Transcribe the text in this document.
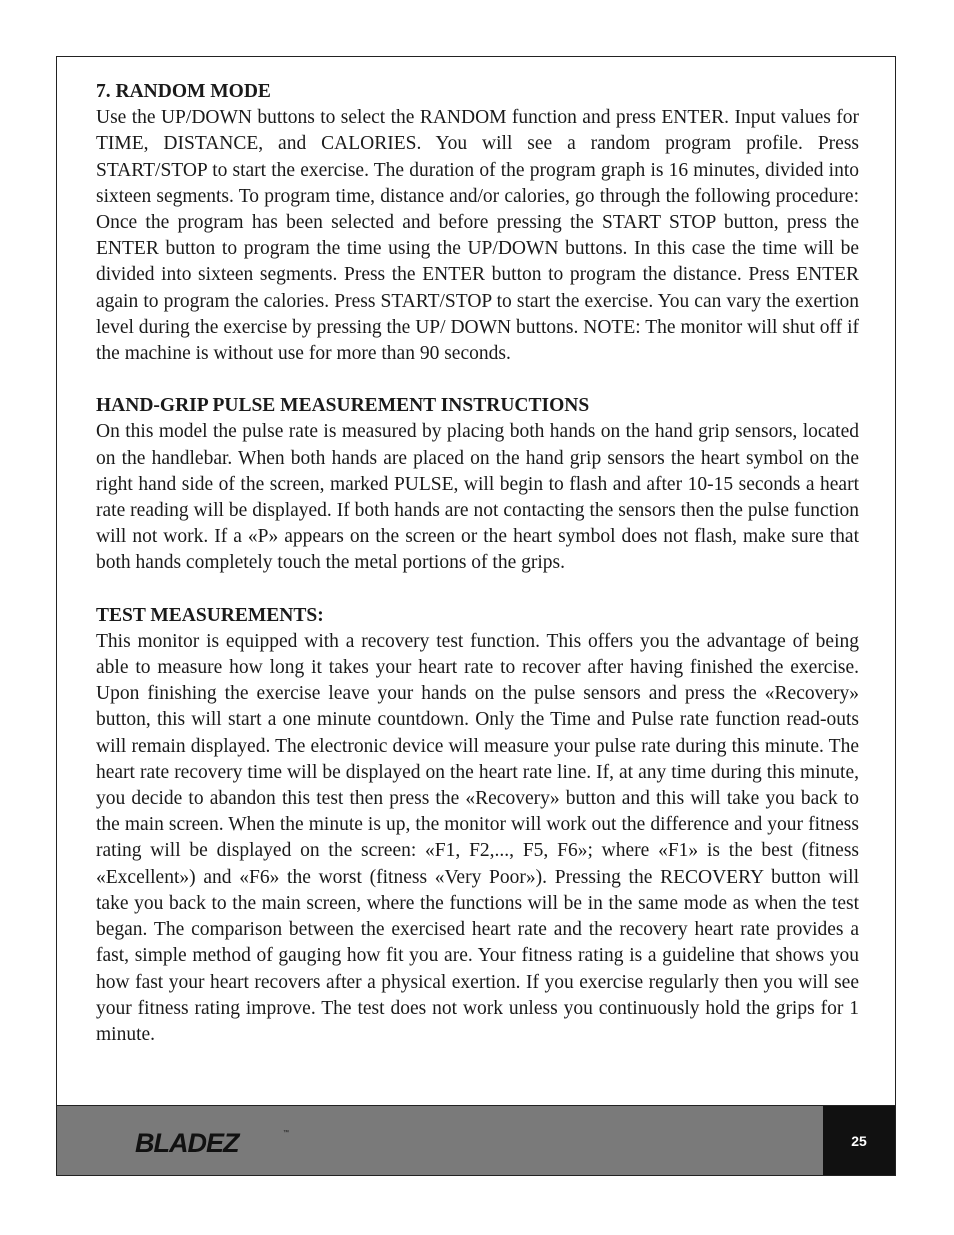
7. RANDOM MODE

Use the UP/DOWN buttons to select the RANDOM function and press ENTER. Input values for TIME, DISTANCE, and CALORIES. You will see a random program profile. Press START/STOP to start the exercise. The duration of the program graph is 16 minutes, divided into sixteen segments. To program time, distance and/or calories, go through the following procedure: Once the program has been selected and before pressing the START STOP button, press the ENTER button to program the time using the UP/DOWN buttons. In this case the time will be divided into sixteen segments. Press the ENTER button to program the distance. Press ENTER again to program the calories. Press START/STOP to start the exercise. You can vary the exertion level during the exercise by pressing the UP/ DOWN buttons. NOTE: The monitor will shut off if the machine is without use for more than 90 seconds.

HAND-GRIP PULSE MEASUREMENT INSTRUCTIONS

On this model the pulse rate is measured by placing both hands on the hand grip sensors, located on the handlebar. When both hands are placed on the hand grip sensors the heart symbol on the right hand side of the screen, marked PULSE, will begin to flash and after 10-15 seconds a heart rate reading will be displayed. If both hands are not contacting the sensors then the pulse function will not work. If a «P» appears on the screen or the heart symbol does not flash, make sure that both hands completely touch the metal portions of the grips.

TEST MEASUREMENTS:

This monitor is equipped with a recovery test function. This offers you the advantage of being able to measure how long it takes your heart rate to recover after having finished the exercise. Upon finishing the exercise leave your hands on the pulse sensors and press the «Recovery» button, this will start a one minute countdown. Only the Time and Pulse rate function read-outs will remain displayed. The electronic device will measure your pulse rate during this minute. The heart rate recovery time will be displayed on the heart rate line. If, at any time during this minute, you decide to abandon this test then press the «Recovery» button and this will take you back to the main screen. When the minute is up, the monitor will work out the difference and your fitness rating will be displayed on the screen: «F1, F2,..., F5, F6»; where «F1» is the best (fitness «Excellent») and «F6» the worst (fitness «Very Poor»). Pressing the RECOVERY button will take you back to the main screen, where the functions will be in the same mode as when the test began. The comparison between the exercised heart rate and the recovery heart rate provides a fast, simple method of gauging how fit you are. Your fitness rating is a guideline that shows you how fast your heart recovers after a physical exertion. If you exercise regularly then you will see your fitness rating improve. The test does not work unless you continuously hold the grips for 1 minute.

BLADEZ	™	25
